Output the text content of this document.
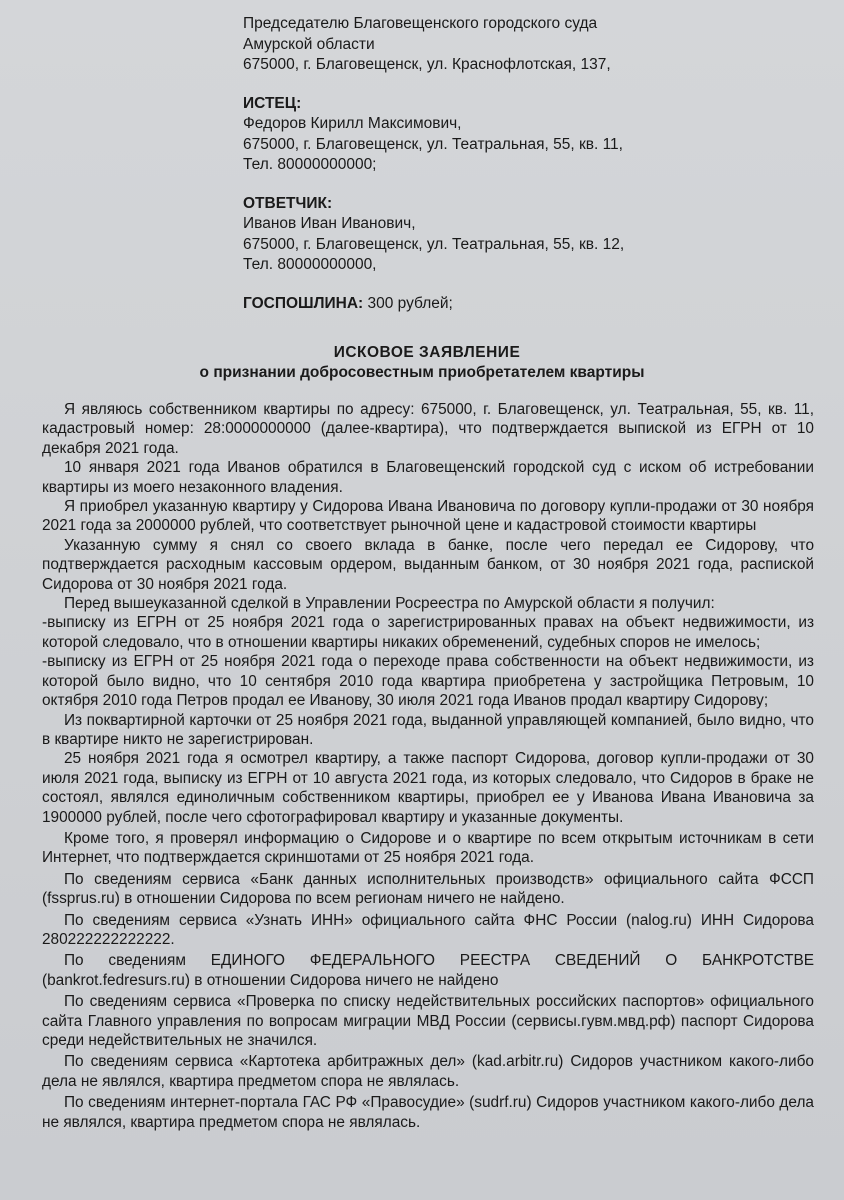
Председателю Благовещенского городского суда
Амурской области
675000, г. Благовещенск, ул. Краснофлотская, 137,
ИСТЕЦ:
Федоров Кирилл Максимович,
675000, г. Благовещенск, ул. Театральная, 55, кв. 11,
Тел. 80000000000;
ОТВЕТЧИК:
Иванов Иван Иванович,
675000, г. Благовещенск, ул. Театральная, 55, кв. 12,
Тел. 80000000000,
ГОСПОШЛИНА: 300 рублей;
ИСКОВОЕ ЗАЯВЛЕНИЕ
о признании добросовестным приобретателем квартиры

Я являюсь собственником квартиры по адресу: 675000, г. Благовещенск, ул. Театральная, 55, кв. 11, кадастровый номер: 28:0000000000 (далее-квартира), что подтверждается выпиской из ЕГРН от 10 декабря 2021 года.

10 января 2021 года Иванов обратился в Благовещенский городской суд с иском об истребовании квартиры из моего незаконного владения.

Я приобрел указанную квартиру у Сидорова Ивана Ивановича по договору купли-продажи от 30 ноября 2021 года за 2000000 рублей, что соответствует рыночной цене и кадастровой стоимости квартиры

Указанную сумму я снял со своего вклада в банке, после чего передал ее Сидорову, что подтверждается расходным кассовым ордером, выданным банком, от 30 ноября 2021 года, распиской Сидорова от 30 ноября 2021 года.

Перед вышеуказанной сделкой в Управлении Росреестра по Амурской области я получил:

-выписку из ЕГРН от 25 ноября 2021 года о зарегистрированных правах на объект недвижимости, из которой следовало, что в отношении квартиры никаких обременений, судебных споров не имелось;

-выписку из ЕГРН от 25 ноября 2021 года о переходе права собственности на объект недвижимости, из которой было видно, что 10 сентября 2010 года квартира приобретена у застройщика Петровым, 10 октября 2010 года Петров продал ее Иванову, 30 июля 2021 года Иванов продал квартиру Сидорову;

Из поквартирной карточки от 25 ноября 2021 года, выданной управляющей компанией, было видно, что в квартире никто не зарегистрирован.

25 ноября 2021 года я осмотрел квартиру, а также паспорт Сидорова, договор купли-продажи от 30 июля 2021 года, выписку из ЕГРН от 10 августа 2021 года, из которых следовало, что Сидоров в браке не состоял, являлся единоличным собственником квартиры, приобрел ее у Иванова Ивана Ивановича за 1900000 рублей, после чего сфотографировал квартиру и указанные документы.

Кроме того, я проверял информацию о Сидорове и о квартире по всем открытым источникам в сети Интернет, что подтверждается скриншотами от 25 ноября 2021 года.

По сведениям сервиса «Банк данных исполнительных производств» официального сайта ФССП (fssprus.ru) в отношении Сидорова по всем регионам ничего не найдено.

По сведениям сервиса «Узнать ИНН» официального сайта ФНС России (nalog.ru) ИНН Сидорова 280222222222222.

По сведениям ЕДИНОГО ФЕДЕРАЛЬНОГО РЕЕСТРА СВЕДЕНИЙ О БАНКРОТСТВЕ (bankrot.fedresurs.ru) в отношении Сидорова ничего не найдено

По сведениям сервиса «Проверка по списку недействительных российских паспортов» официального сайта Главного управления по вопросам миграции МВД России (сервисы.гувм.мвд.рф) паспорт Сидорова среди недействительных не значился.

По сведениям сервиса «Картотека арбитражных дел» (kad.arbitr.ru) Сидоров участником какого-либо дела не являлся, квартира предметом спора не являлась.

По сведениям интернет-портала ГАС РФ «Правосудие» (sudrf.ru) Сидоров участником какого-либо дела не являлся, квартира предметом спора не являлась.
